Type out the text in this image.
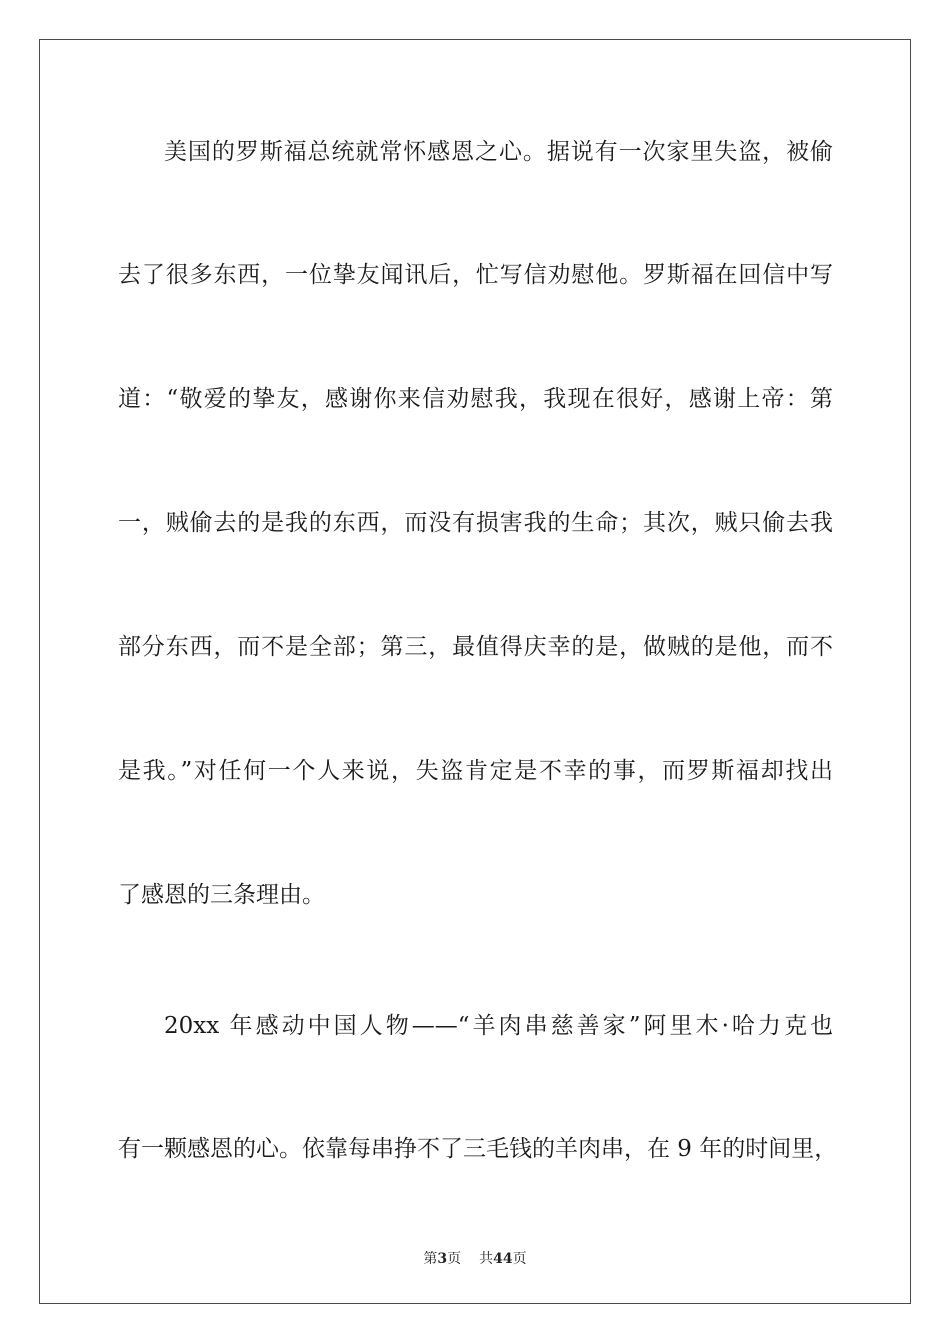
美国的罗斯福总统就常怀感恩之心。据说有一次家里失盗，被偷
去了很多东西，一位挚友闻讯后，忙写信劝慰他。罗斯福在回信中写
道：“敬爱的挚友，感谢你来信劝慰我，我现在很好，感谢上帝：第
一，贼偷去的是我的东西，而没有损害我的生命；其次，贼只偷去我
部分东西，而不是全部；第三，最值得庆幸的是，做贼的是他，而不
是我。”对任何一个人来说，失盗肯定是不幸的事，而罗斯福却找出
了感恩的三条理由。
20xx 年感动中国人物——“羊肉串慈善家”阿里木·哈力克也
有一颗感恩的心。依靠每串挣不了三毛钱的羊肉串，在 9 年的时间里，
第3页 共44页
